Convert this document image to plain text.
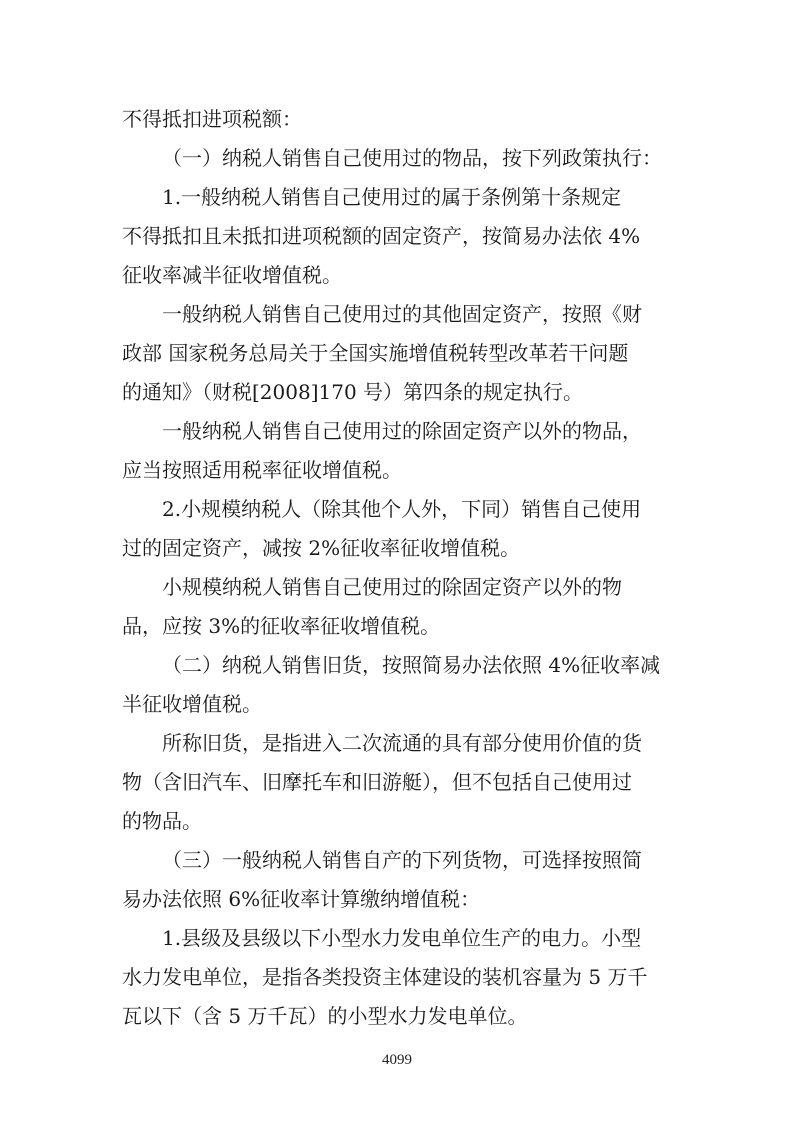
不得抵扣进项税额：
（一）纳税人销售自己使用过的物品，按下列政策执行：
1.一般纳税人销售自己使用过的属于条例第十条规定
不得抵扣且未抵扣进项税额的固定资产，按简易办法依 4%
征收率减半征收增值税。
一般纳税人销售自己使用过的其他固定资产，按照《财
政部 国家税务总局关于全国实施增值税转型改革若干问题
的通知》（财税[2008]170 号）第四条的规定执行。
一般纳税人销售自己使用过的除固定资产以外的物品，
应当按照适用税率征收增值税。
2.小规模纳税人（除其他个人外，下同）销售自己使用
过的固定资产，减按 2%征收率征收增值税。
小规模纳税人销售自己使用过的除固定资产以外的物
品，应按 3%的征收率征收增值税。
（二）纳税人销售旧货，按照简易办法依照 4%征收率减
半征收增值税。
所称旧货，是指进入二次流通的具有部分使用价值的货
物（含旧汽车、旧摩托车和旧游艇），但不包括自己使用过
的物品。
（三）一般纳税人销售自产的下列货物，可选择按照简
易办法依照 6%征收率计算缴纳增值税：
1.县级及县级以下小型水力发电单位生产的电力。小型
水力发电单位，是指各类投资主体建设的装机容量为 5 万千
瓦以下（含 5 万千瓦）的小型水力发电单位。
4099
